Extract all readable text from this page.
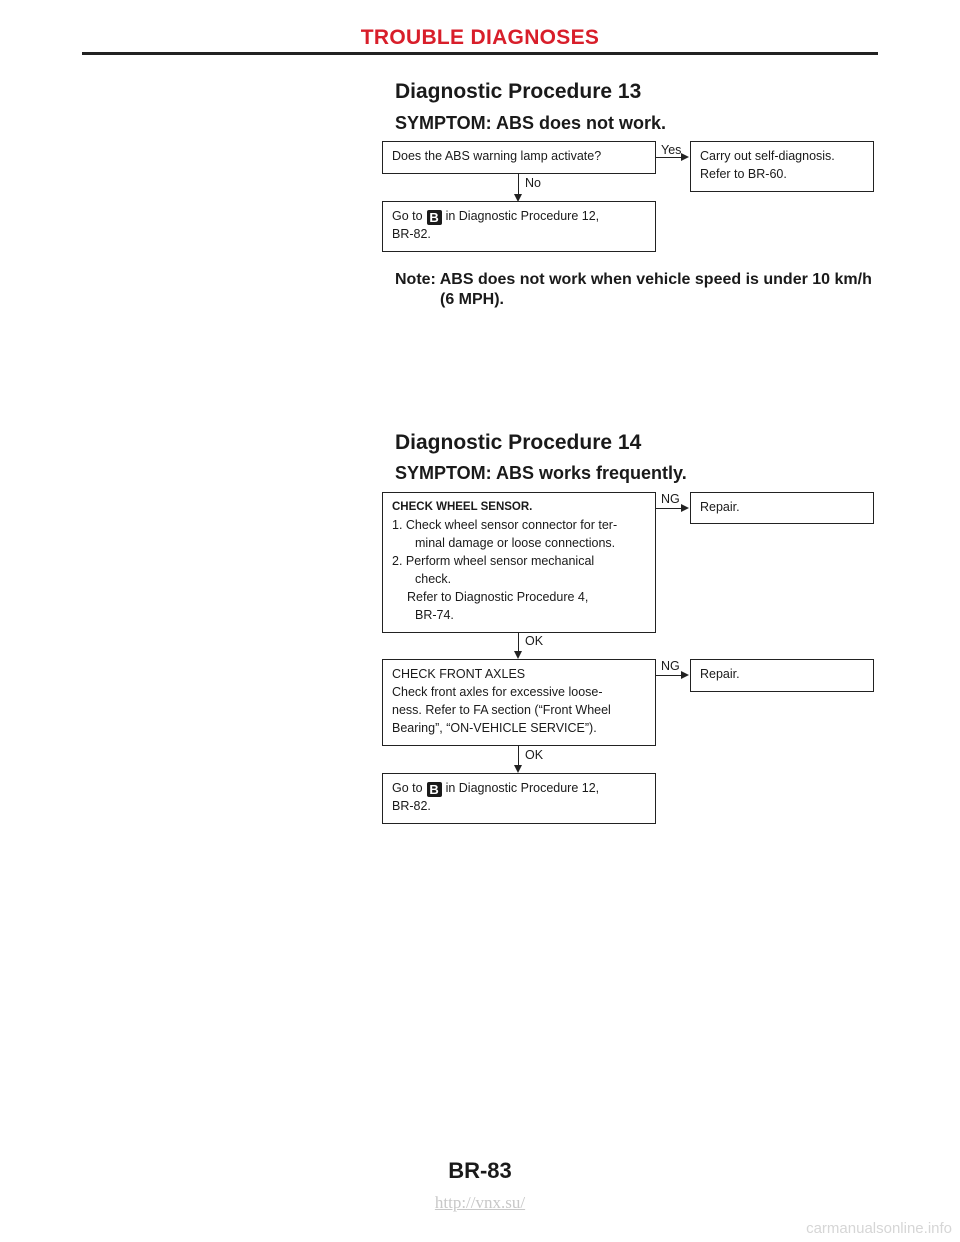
TROUBLE DIAGNOSES
Diagnostic Procedure 13
SYMPTOM: ABS does not work.
Does the ABS warning lamp activate?	Yes Carry out self-diagnosis.
Refer to BR-60.
No
Go to B in Diagnostic Procedure 12,
BR-82.
Note: ABS does not work when vehicle speed is under 10 km/h
(6 MPH).
Diagnostic Procedure 14
SYMPTOM: ABS works frequently.
CHECK WHEEL SENSOR.
1. Check wheel sensor connector for ter-
minal damage or loose connections.
2. Perform wheel sensor mechanical
check.
Refer to Diagnostic Procedure 4,
BR-74.
NG
Repair.
OK
CHECK FRONT AXLES
Check front axles for excessive loose-
ness. Refer to FA section (“Front Wheel
Bearing”, “ON-VEHICLE SERVICE”).
NG
Repair.
OK
Go to B in Diagnostic Procedure 12,
BR-82.
BR-83
http://vnx.su/
carmanualsonline.info
